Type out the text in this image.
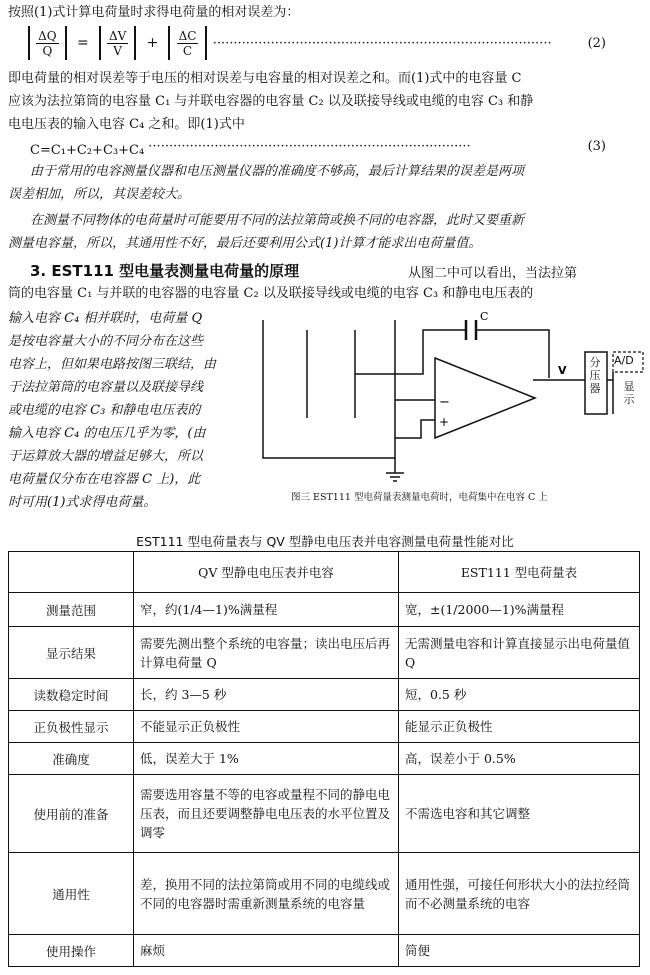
按照(1)式计算电荷量时求得电荷量的相对误差为：

$\frac{\Delta Q}{Q} = \frac{\Delta V}{V} + \frac{\Delta C}{C}$ ··················································································	(2)
即电荷量的相对误差等于电压的相对误差与电容量的相对误差之和。而(1)式中的电容量 C
应该为法拉第筒的电容量 C₁ 与并联电容器的电容量 C₂ 以及联接导线或电缆的电容 C₃ 和静
电电压表的输入电容 C₄ 之和。即(1)式中
C=C₁+C₂+C₃+C₄ ··············································································	(3)
由于常用的电容测量仪器和电压测量仪器的准确度不够高，最后计算结果的误差是两项
误差相加，所以，其误差较大。
在测量不同物体的电荷量时可能要用不同的法拉第筒或换不同的电容器，此时又要重新
测量电容量，所以，其通用性不好，最后还要利用公式(1)计算才能求出电荷量值。
3. EST111 型电量表测量电荷量的原理	从图二中可以看出，当法拉第
筒的电容量 C₁ 与并联的电容器的电容量 C₂ 以及联接导线或电缆的电容 C₃ 和静电电压表的
输入电容 C₄ 相并联时，电荷量 Q
是按电容量大小的不同分布在这些
电容上，但如果电路按图三联结，由
于法拉第筒的电容量以及联接导线
或电缆的电容 C₃ 和静电电压表的
输入电容 C₄ 的电压几乎为零，(由
于运算放大器的增益足够大，所以
电荷量仅分布在电容器 C 上)，此
时可用(1)式求得电荷量。
C
−
+
V
分压器
A/D
显示
图三 EST111 型电荷量表测量电荷时，电荷集中在电容 C 上
EST111 型电荷量表与 QV 型静电电压表并电容测量电荷量性能对比
	QV 型静电电压表并电容	EST111 型电荷量表
测量范围	窄，约(1/4—1)%满量程	宽，±(1/2000—1)%满量程
显示结果	需要先测出整个系统的电容量；读出电压后再计算电荷量 Q	无需测量电容和计算直接显示出电荷量值 Q
读数稳定时间	长，约 3—5 秒	短，0.5 秒
正负极性显示	不能显示正负极性	能显示正负极性
准确度	低，误差大于 1%	高，误差小于 0.5%
使用前的准备	需要选用容量不等的电容或量程不同的静电电压表，而且还要调整静电电压表的水平位置及调零	不需选电容和其它调整
通用性	差，换用不同的法拉第筒或用不同的电缆线或不同的电容器时需重新测量系统的电容量	通用性强，可接任何形状大小的法拉经筒而不必测量系统的电容
使用操作	麻烦	简便
